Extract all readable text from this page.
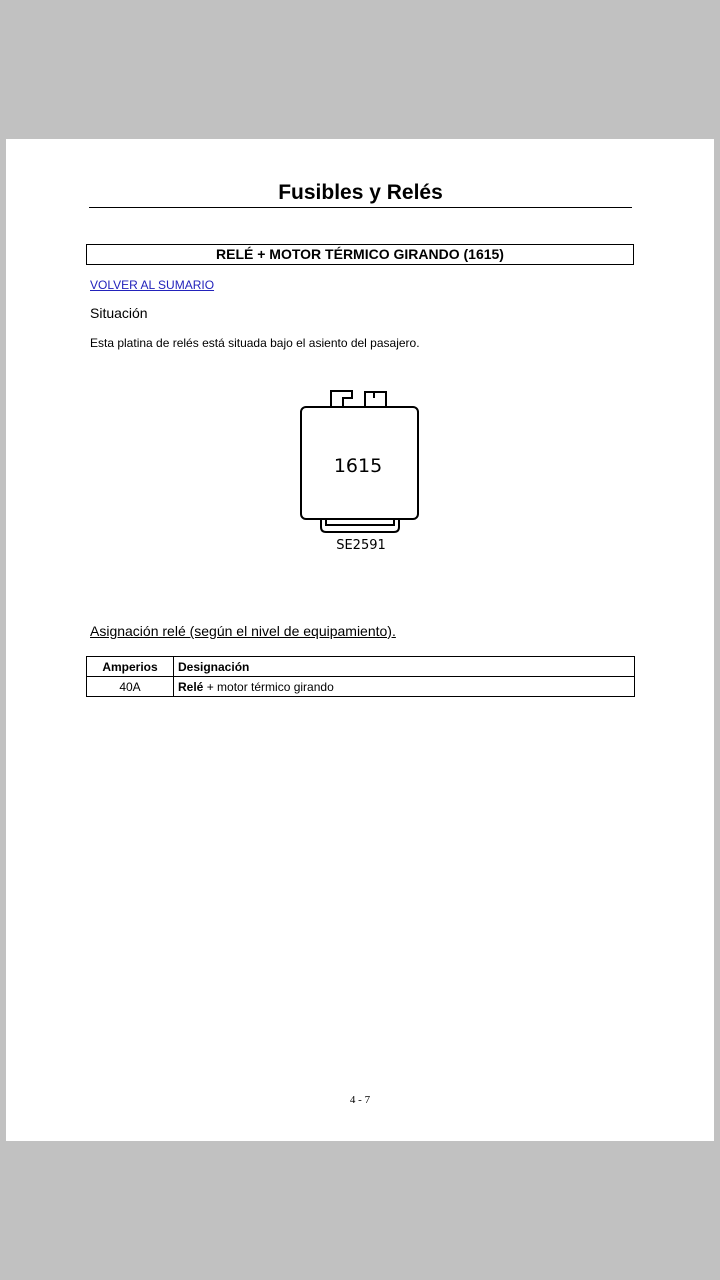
Fusibles y Relés
RELÉ + MOTOR TÉRMICO GIRANDO (1615)
VOLVER AL SUMARIO
Situación
Esta platina de relés está situada bajo el asiento del pasajero.
1615
SE2591
Asignación relé (según el nivel de equipamiento).
Amperios	Designación
40A	Relé + motor térmico girando
4 - 7
